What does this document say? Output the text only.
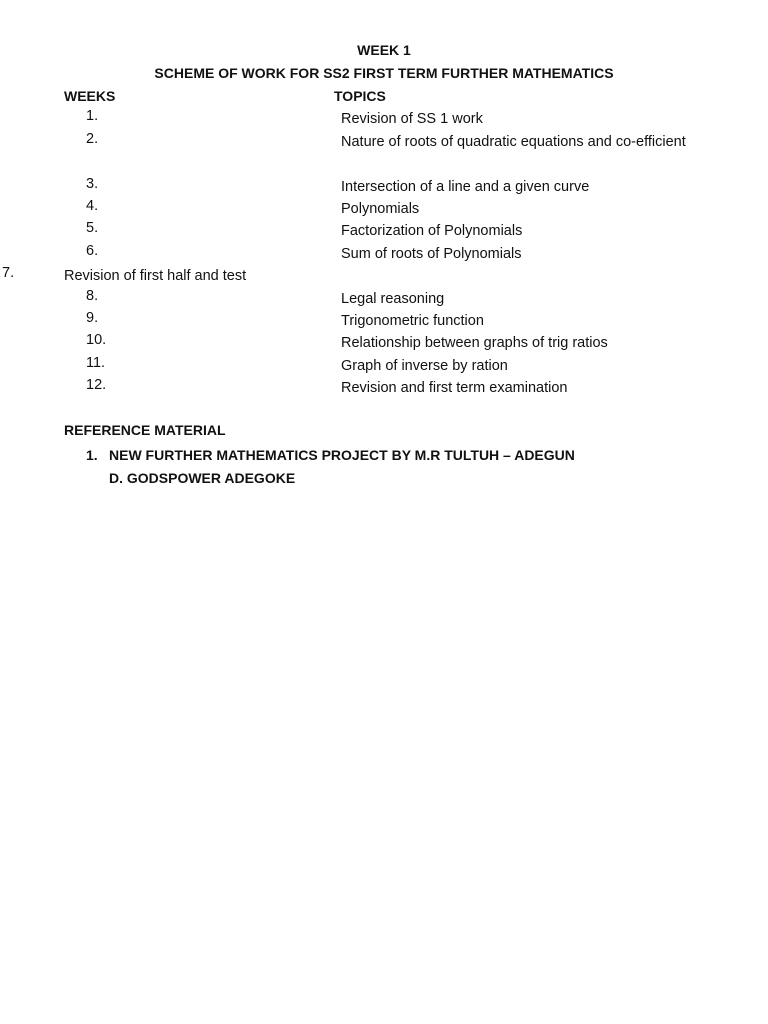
WEEK 1
SCHEME OF WORK FOR SS2 FIRST TERM FURTHER MATHEMATICS
WEEKS	TOPICS
1.	Revision of SS 1 work
2.	Nature of roots of quadratic equations and co-efficient
3.	Intersection of a line and a given curve
4.	Polynomials
5.	Factorization of Polynomials
6.	Sum of roots of Polynomials
7.	Revision of first half and test
8.	Legal reasoning
9.	Trigonometric function
10.	Relationship between graphs of trig ratios
11.	Graph of inverse by ration
12.	Revision and first term examination
REFERENCE MATERIAL
1. NEW FURTHER MATHEMATICS PROJECT BY M.R TULTUH – ADEGUN
D. GODSPOWER ADEGOKE
